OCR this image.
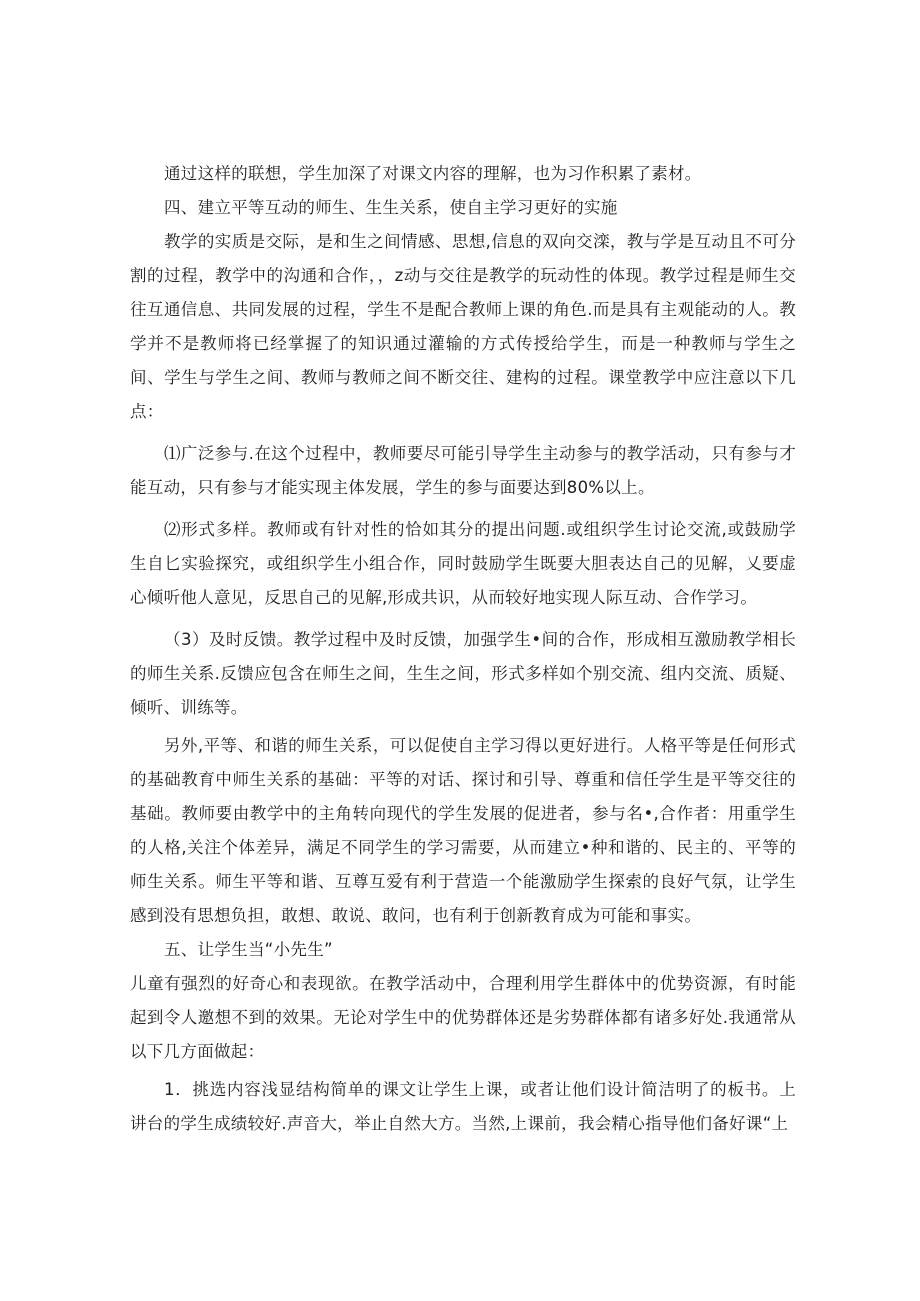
通过这样的联想，学生加深了对课文内容的理解，也为习作积累了素材。

四、建立平等互动的师生、生生关系，使自主学习更好的实施

教学的实质是交际，是和生之间情感、思想,信息的双向交滦，教与学是互动且不可分割的过程，教学中的沟通和合作，，z动与交往是教学的玩动性的体现。教学过程是师生交往互通信息、共同发展的过程，学生不是配合教师上课的角色.而是具有主观能动的人。教学并不是教师将已经掌握了的知识通过灌输的方式传授给学生，而是一种教师与学生之间、学生与学生之间、教师与教师之间不断交往、建构的过程。课堂教学中应注意以下几点：

⑴广泛参与.在这个过程中，教师要尽可能引导学生主动参与的教学活动，只有参与才能互动，只有参与才能实现主体发展，学生的参与面要达到80%以上。

⑵形式多样。教师或有针对性的恰如其分的提出问题.或组织学生讨论交流,或鼓励学生自匕实验探究，或组织学生小组合作，同时鼓励学生既要大胆表达自己的见解，乂要虚心倾听他人意见，反思自己的见解,形成共识，从而较好地实现人际互动、合作学习。

（3）及时反馈。教学过程中及时反馈，加强学生•间的合作，形成相互激励教学相长的师生关系.反馈应包含在师生之间，生生之间，形式多样如个别交流、组内交流、质疑、倾听、训练等。

另外,平等、和谐的师生关系，可以促使自主学习得以更好进行。人格平等是任何形式的基础教育中师生关系的基础：平等的对话、探讨和引导、尊重和信任学生是平等交往的基础。教师要由教学中的主角转向现代的学生发展的促进者，参与名•,合作者：用重学生的人格,关注个体差异，满足不同学生的学习需要，从而建立•种和谐的、民主的、平等的师生关系。师生平等和谐、互尊互爱有利于营造一个能激励学生探索的良好气氛，让学生感到没有思想负担，敢想、敢说、敢问，也有利于创新教育成为可能和事实。

五、让学生当“小先生”

儿童有强烈的好奇心和表现欲。在教学活动中，合理利用学生群体中的优势资源，有时能起到令人邀想不到的效果。无论对学生中的优势群体还是劣势群体都有诸多好处.我通常从以下几方面做起：

1．挑选内容浅显结构简单的课文让学生上课，或者让他们设计简洁明了的板书。上讲台的学生成绩较好.声音大，举止自然大方。当然,上课前，我会精心指导他们备好课“上
